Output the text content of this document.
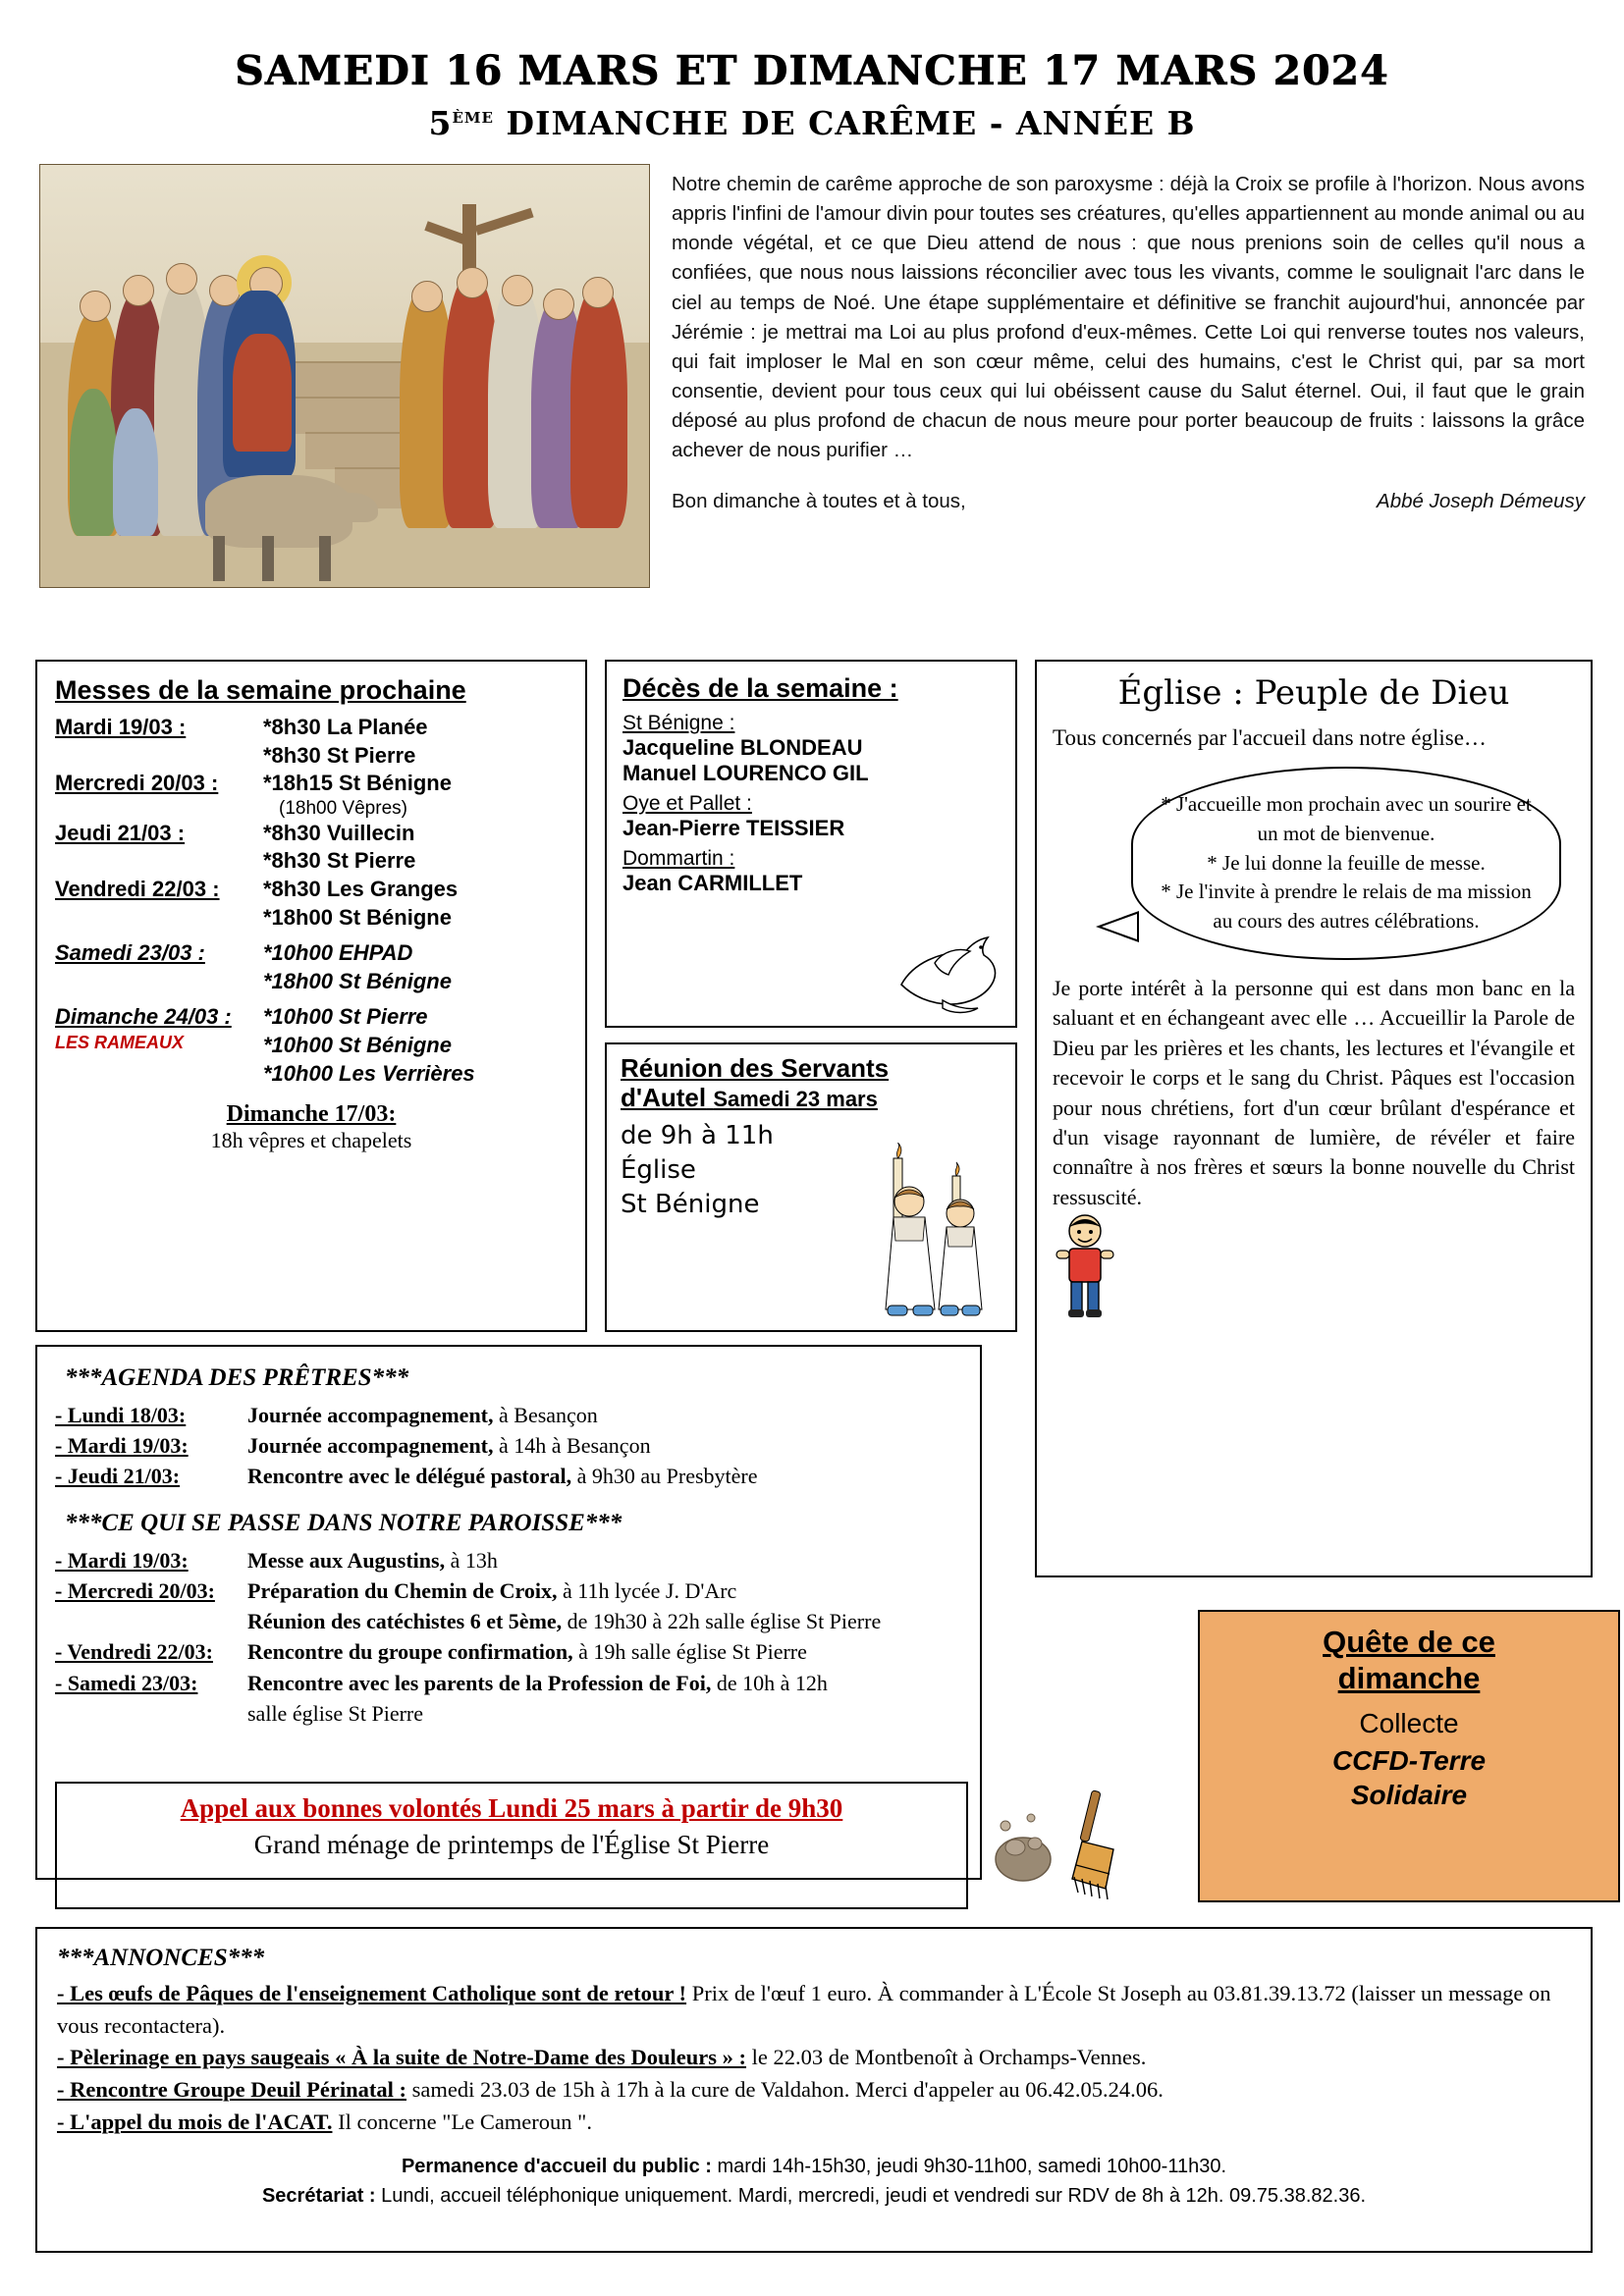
SAMEDI 16 MARS ET DIMANCHE 17 MARS 2024
5ÈME DIMANCHE DE CARÊME - ANNÉE B

Notre chemin de carême approche de son paroxysme : déjà la Croix se profile à l'horizon. Nous avons appris l'infini de l'amour divin pour toutes ses créatures, qu'elles appartiennent au monde animal ou au monde végétal, et ce que Dieu attend de nous : que nous prenions soin de celles qu'il nous a confiées, que nous nous laissions réconcilier avec tous les vivants, comme le soulignait l'arc dans le ciel au temps de Noé. Une étape supplémentaire et définitive se franchit aujourd'hui, annoncée par Jérémie : je mettrai ma Loi au plus profond d'eux-mêmes. Cette Loi qui renverse toutes nos valeurs, qui fait imploser le Mal en son cœur même, celui des humains, c'est le Christ qui, par sa mort consentie, devient pour tous ceux qui lui obéissent cause du Salut éternel. Oui, il faut que le grain déposé au plus profond de chacun de nous meure pour porter beaucoup de fruits : laissons la grâce achever de nous purifier …

Bon dimanche à toutes et à tous,	Abbé Joseph Démeusy
Messes de la semaine prochaine
Mardi 19/03 :	*8h30 La Planée
*8h30 St Pierre
Mercredi 20/03 :	*18h15 St Bénigne
(18h00 Vêpres)
Jeudi 21/03 :	*8h30 Vuillecin
*8h30 St Pierre
Vendredi 22/03 :	*8h30 Les Granges
*18h00 St Bénigne
Samedi 23/03 :	*10h00 EHPAD
*18h00 St Bénigne
Dimanche 24/03 :	*10h00 St Pierre
LES RAMEAUX	*10h00 St Bénigne
*10h00 Les Verrières
Dimanche 17/03:
18h vêpres et chapelets
Décès de la semaine :
St Bénigne :
Jacqueline BLONDEAU
Manuel LOURENCO GIL
Oye et Pallet :
Jean-Pierre TEISSIER
Dommartin :
Jean CARMILLET
Réunion des Servants
d'Autel Samedi 23 mars
de 9h à 11h
Église
St Bénigne
Église : Peuple de Dieu
Tous concernés par l'accueil dans notre église…
* J'accueille mon prochain avec un sourire et un mot de bienvenue.
* Je lui donne la feuille de messe.
* Je l'invite à prendre le relais de ma mission au cours des autres célébrations.
Je porte intérêt à la personne qui est dans mon banc en la saluant et en échangeant avec elle … Accueillir la Parole de Dieu par les prières et les chants, les lectures et l'évangile et recevoir le corps et le sang du Christ. Pâques est l'occasion pour nous chrétiens, fort d'un cœur brûlant d'espérance et d'un visage rayonnant de lumière, de révéler et faire connaître à nos frères et sœurs la bonne nouvelle du Christ ressuscité.
***AGENDA DES PRÊTRES***
- Lundi 18/03:	Journée accompagnement, à Besançon
- Mardi 19/03:	Journée accompagnement, à 14h à Besançon
- Jeudi 21/03:	Rencontre avec le délégué pastoral, à 9h30 au Presbytère
***CE QUI SE PASSE DANS NOTRE PAROISSE***
- Mardi 19/03:	Messe aux Augustins, à 13h
- Mercredi 20/03:	Préparation du Chemin de Croix, à 11h lycée J. D'Arc
Réunion des catéchistes 6 et 5ème, de 19h30 à 22h salle église St Pierre
- Vendredi 22/03:	Rencontre du groupe confirmation, à 19h salle église St Pierre
- Samedi 23/03:	Rencontre avec les parents de la Profession de Foi, de 10h à 12h
salle église St Pierre
Appel aux bonnes volontés Lundi 25 mars à partir de 9h30
Grand ménage de printemps de l'Église St Pierre
Quête de ce
dimanche
Collecte
CCFD-Terre
Solidaire
***ANNONCES***
- Les œufs de Pâques de l'enseignement Catholique sont de retour ! Prix de l'œuf 1 euro. À commander à L'École St Joseph au 03.81.39.13.72 (laisser un message on vous recontactera).
- Pèlerinage en pays saugeais « À la suite de Notre-Dame des Douleurs » : le 22.03 de Montbenoît à Orchamps-Vennes.
- Rencontre Groupe Deuil Périnatal : samedi 23.03 de 15h à 17h à la cure de Valdahon. Merci d'appeler au 06.42.05.24.06.
- L'appel du mois de l'ACAT. Il concerne "Le Cameroun ".
Permanence d'accueil du public : mardi 14h-15h30, jeudi 9h30-11h00, samedi 10h00-11h30.
Secrétariat : Lundi, accueil téléphonique uniquement. Mardi, mercredi, jeudi et vendredi sur RDV de 8h à 12h. 09.75.38.82.36.
